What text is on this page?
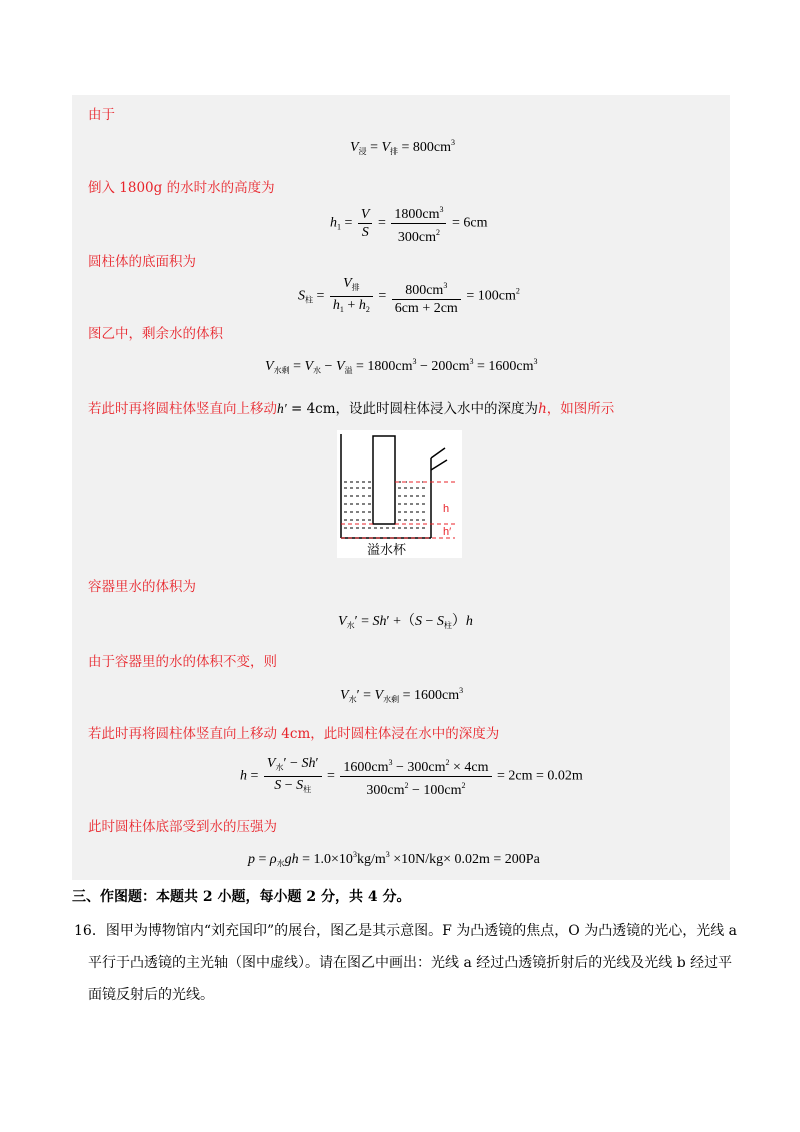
由于
$V_浸 = V_排 = 800cm^3$
倒入 1800g 的水时水的高度为
$h_1 = \frac{V}{S} = \frac{1800cm^3}{300cm^2} = 6cm$
圆柱体的底面积为
$S_柱 = \frac{V_排}{h_1 + h_2} = \frac{800cm^3}{6cm + 2cm} = 100cm^2$
图乙中，剩余水的体积
$V_{水剩} = V_水 - V_溢 = 1800cm^3 - 200cm^3 = 1600cm^3$
若此时再将圆柱体竖直向上移动h′ = 4cm，设此时圆柱体浸入水中的深度为h，如图所示
h
h′
溢水杯
容器里水的体积为
$V_水' = Sh' +(S - S_柱)h$
由于容器里的水的体积不变，则
$V_水' = V_{水剩} = 1600cm^3$
若此时再将圆柱体竖直向上移动 4cm，此时圆柱体浸在水中的深度为
$h = \frac{V_水' - Sh'}{S - S_柱} = \frac{1600cm^3 - 300cm^2 \times 4cm}{300cm^2 - 100cm^2} = 2cm = 0.02m$
此时圆柱体底部受到水的压强为
$p = \rho_水gh = 1.0\times 10^3kg/m^3 \times 10N/kg\times 0.02m = 200Pa$
三、作图题：本题共 2 小题，每小题 2 分，共 4 分。
16．图甲为博物馆内“刘充国印”的展台，图乙是其示意图。F 为凸透镜的焦点，O 为凸透镜的光心，光线 a
平行于凸透镜的主光轴（图中虚线）。请在图乙中画出：光线 a 经过凸透镜折射后的光线及光线 b 经过平
面镜反射后的光线。
